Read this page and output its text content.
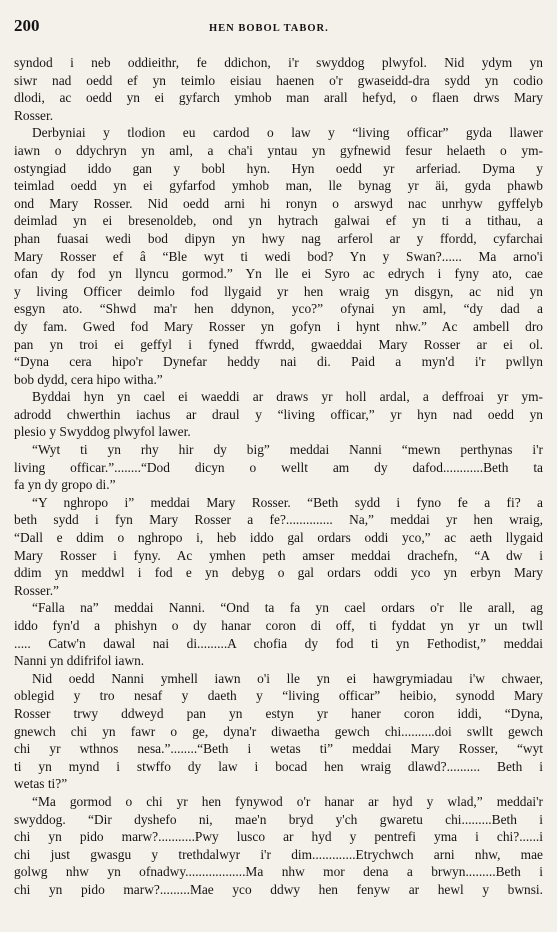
200	HEN BOBOL TABOR.
syndod i neb oddieithr, fe ddichon, i'r swyddog plwyfol. Nid ydym yn
siwr nad oedd ef yn teimlo eisiau haenen o'r gwaseidd-dra sydd yn codio
dlodi, ac oedd yn ei gyfarch ymhob man arall hefyd, o flaen drws Mary
Rosser.
Derbyniai y tlodion eu cardod o law y “living officar” gyda llawer
iawn o ddychryn yn aml, a cha'i yntau yn gyfnewid fesur helaeth o ym-
ostyngiad iddo gan y bobl hyn. Hyn oedd yr arferiad. Dyma y
teimlad oedd yn ei gyfarfod ymhob man, lle bynag yr äi, gyda phawb
ond Mary Rosser. Nid oedd arni hi ronyn o arswyd nac unrhyw gyffelyb
deimlad yn ei bresenoldeb, ond yn hytrach galwai ef yn ti a tithau, a
phan fuasai wedi bod dipyn yn hwy nag arferol ar y ffordd, cyfarchai
Mary Rosser ef â “Ble wyt ti wedi bod? Yn y Swan?...... Ma arno'i
ofan dy fod yn llyncu gormod.” Yn lle ei Syro ac edrych i fyny ato, cae
y living Officer deimlo fod llygaid yr hen wraig yn disgyn, ac nid yn
esgyn ato. “Shwd ma'r hen ddynon, yco?” ofynai yn aml, “dy dad a
dy fam. Gwed fod Mary Rosser yn gofyn i hynt nhw.” Ac ambell dro
pan yn troi ei geffyl i fyned ffwrdd, gwaeddai Mary Rosser ar ei ol.
“Dyna cera hipo'r Dynefar heddy nai di. Paid a myn'd i'r pwllyn
bob dydd, cera hipo witha.”
Byddai hyn yn cael ei waeddi ar draws yr holl ardal, a deffroai yr ym-
adrodd chwerthin iachus ar draul y “living officar,” yr hyn nad oedd yn
plesio y Swyddog plwyfol lawer.
“Wyt ti yn rhy hir dy big” meddai Nanni “mewn perthynas i'r
living officar.”........“Dod dicyn o wellt am dy dafod............Beth ta
fa yn dy gropo di.”
“Y nghropo i” meddai Mary Rosser. “Beth sydd i fyno fe a fi? a
beth sydd i fyn Mary Rosser a fe?.............. Na,” meddai yr hen wraig,
“Dall e ddim o nghropo i, heb iddo gal ordars oddi yco,” ac aeth llygaid
Mary Rosser i fyny. Ac ymhen peth amser meddai drachefn, “A dw i
ddim yn meddwl i fod e yn debyg o gal ordars oddi yco yn erbyn Mary
Rosser.”
“Falla na” meddai Nanni. “Ond ta fa yn cael ordars o'r lle arall, ag
iddo fyn'd a phishyn o dy hanar coron di off, ti fyddat yn yr un twll
..... Catw'n dawal nai di.........A chofia dy fod ti yn Fethodist,” meddai
Nanni yn ddifrifol iawn.
Nid oedd Nanni ymhell iawn o'i lle yn ei hawgrymiadau i'w chwaer,
oblegid y tro nesaf y daeth y “living officar” heibio, synodd Mary
Rosser trwy ddweyd pan yn estyn yr haner coron iddi, “Dyna,
gnewch chi yn fawr o ge, dyna'r diwaetha gewch chi..........doi swllt gewch
chi yr wthnos nesa.”........“Beth i wetas ti” meddai Mary Rosser, “wyt
ti yn mynd i stwffo dy law i bocad hen wraig dlawd?.......... Beth i
wetas ti?”
“Ma gormod o chi yr hen fynywod o'r hanar ar hyd y wlad,” meddai'r
swyddog. “Dir dyshefo ni, mae'n bryd y'ch gwaretu chi.........Beth i
chi yn pido marw?...........Pwy lusco ar hyd y pentrefi yma i chi?......i
chi just gwasgu y trethdalwyr i'r dim.............Etrychwch arni nhw, mae
golwg nhw yn ofnadwy..................Ma nhw mor dena a brwyn.........Beth i
chi yn pido marw?.........Mae yco ddwy hen fenyw ar hewl y bwnsi.
